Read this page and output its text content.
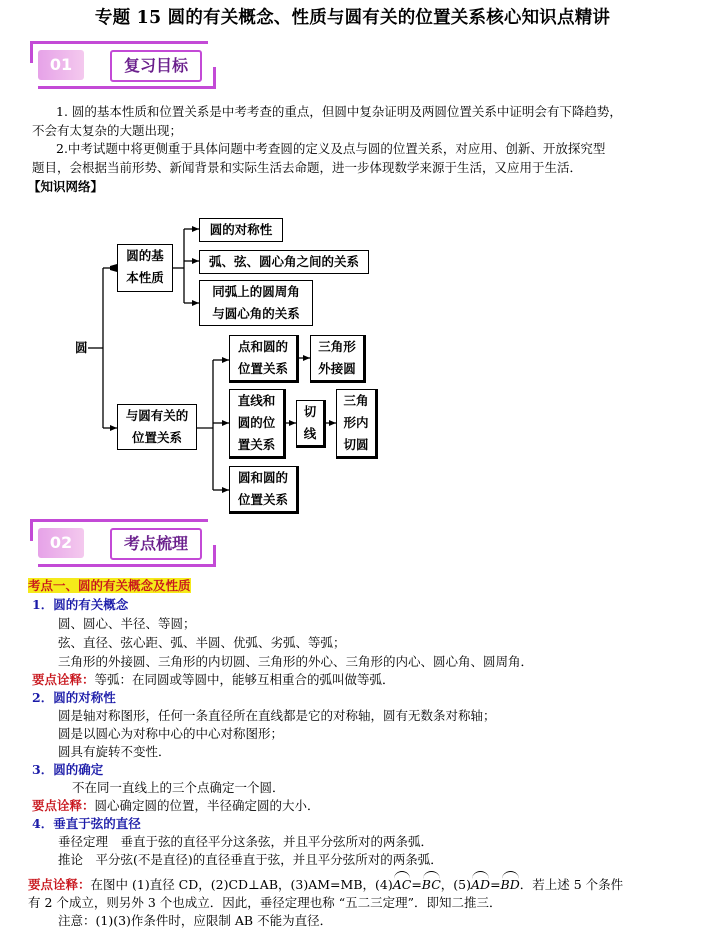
专题 15 圆的有关概念、性质与圆有关的位置关系核心知识点精讲
01	复习目标
1. 圆的基本性质和位置关系是中考考查的重点，但圆中复杂证明及两圆位置关系中证明会有下降趋势，
不会有太复杂的大题出现；
2.中考试题中将更侧重于具体问题中考查圆的定义及点与圆的位置关系，对应用、创新、开放探究型
题目，会根据当前形势、新闻背景和实际生活去命题，进一步体现数学来源于生活，又应用于生活．
【知识网络】
圆
圆的基
本性质
圆的对称性
弧、弦、圆心角之间的关系
同弧上的圆周角
与圆心角的关系
与圆有关的
位置关系
点和圆的
位置关系
三角形
外接圆
直线和
圆的位
置关系
切
线
三角
形内
切圆
圆和圆的
位置关系
02	考点梳理
考点一、圆的有关概念及性质
1．圆的有关概念
圆、圆心、半径、等圆；
弦、直径、弦心距、弧、半圆、优弧、劣弧、等弧；
三角形的外接圆、三角形的内切圆、三角形的外心、三角形的内心、圆心角、圆周角．
要点诠释：等弧：在同圆或等圆中，能够互相重合的弧叫做等弧．
2．圆的对称性
圆是轴对称图形，任何一条直径所在直线都是它的对称轴，圆有无数条对称轴；
圆是以圆心为对称中心的中心对称图形；
圆具有旋转不变性．
3．圆的确定
不在同一直线上的三个点确定一个圆．
要点诠释：圆心确定圆的位置，半径确定圆的大小．
4．垂直于弦的直径
垂径定理　垂直于弦的直径平分这条弦，并且平分弦所对的两条弧．
推论　平分弦(不是直径)的直径垂直于弦，并且平分弦所对的两条弧．
要点诠释：在图中 (1)直径 CD，(2)CD⊥AB，(3)AM=MB，(4)AC=BC，(5)AD=BD．若上述 5 个条件
有 2 个成立，则另外 3 个也成立．因此，垂径定理也称 “五二三定理”．即知二推三．
注意：(1)(3)作条件时，应限制 AB 不能为直径．
